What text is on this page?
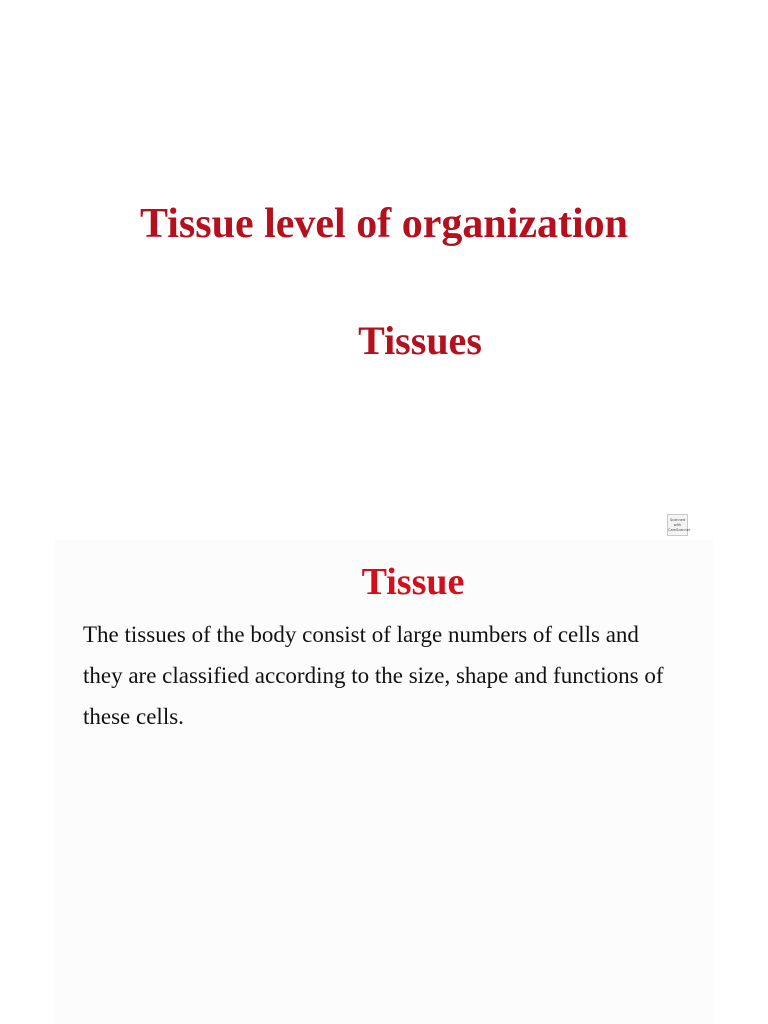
Tissue level of organization
Tissues
Scanned with
CamScanner
Tissue

The tissues of the body consist of large numbers of cells and they are classified according to the size, shape and functions of these cells.
